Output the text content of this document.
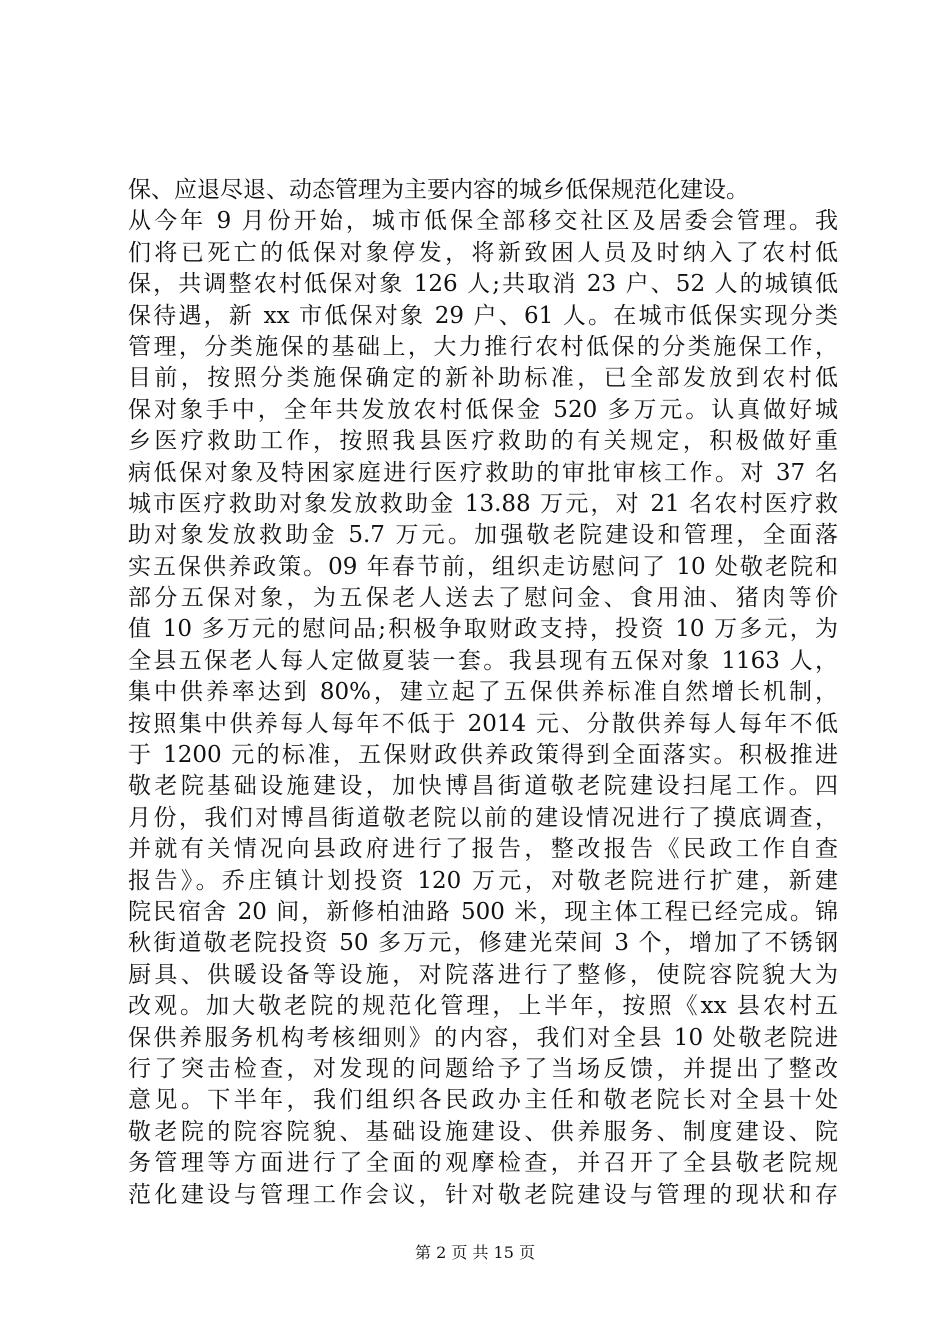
保、应退尽退、动态管理为主要内容的城乡低保规范化建设。
从今年 9 月份开始，城市低保全部移交社区及居委会管理。我
们将已死亡的低保对象停发，将新致困人员及时纳入了农村低
保，共调整农村低保对象 126 人;共取消 23 户、52 人的城镇低
保待遇，新 xx 市低保对象 29 户、61 人。在城市低保实现分类
管理，分类施保的基础上，大力推行农村低保的分类施保工作，
目前，按照分类施保确定的新补助标准，已全部发放到农村低
保对象手中，全年共发放农村低保金 520 多万元。认真做好城
乡医疗救助工作，按照我县医疗救助的有关规定，积极做好重
病低保对象及特困家庭进行医疗救助的审批审核工作。对 37 名
城市医疗救助对象发放救助金 13.88 万元，对 21 名农村医疗救
助对象发放救助金 5.7 万元。加强敬老院建设和管理，全面落
实五保供养政策。09 年春节前，组织走访慰问了 10 处敬老院和
部分五保对象，为五保老人送去了慰问金、食用油、猪肉等价
值 10 多万元的慰问品;积极争取财政支持，投资 10 万多元，为
全县五保老人每人定做夏装一套。我县现有五保对象 1163 人，
集中供养率达到 80%，建立起了五保供养标准自然增长机制，
按照集中供养每人每年不低于 2014 元、分散供养每人每年不低
于 1200 元的标准，五保财政供养政策得到全面落实。积极推进
敬老院基础设施建设，加快博昌街道敬老院建设扫尾工作。四
月份，我们对博昌街道敬老院以前的建设情况进行了摸底调查，
并就有关情况向县政府进行了报告，整改报告《民政工作自查
报告》。乔庄镇计划投资 120 万元，对敬老院进行扩建，新建
院民宿舍 20 间，新修柏油路 500 米，现主体工程已经完成。锦
秋街道敬老院投资 50 多万元，修建光荣间 3 个，增加了不锈钢
厨具、供暖设备等设施，对院落进行了整修，使院容院貌大为
改观。加大敬老院的规范化管理，上半年，按照《xx 县农村五
保供养服务机构考核细则》的内容，我们对全县 10 处敬老院进
行了突击检查，对发现的问题给予了当场反馈，并提出了整改
意见。下半年，我们组织各民政办主任和敬老院长对全县十处
敬老院的院容院貌、基础设施建设、供养服务、制度建设、院
务管理等方面进行了全面的观摩检查，并召开了全县敬老院规
范化建设与管理工作会议，针对敬老院建设与管理的现状和存
第 2 页 共 15 页
